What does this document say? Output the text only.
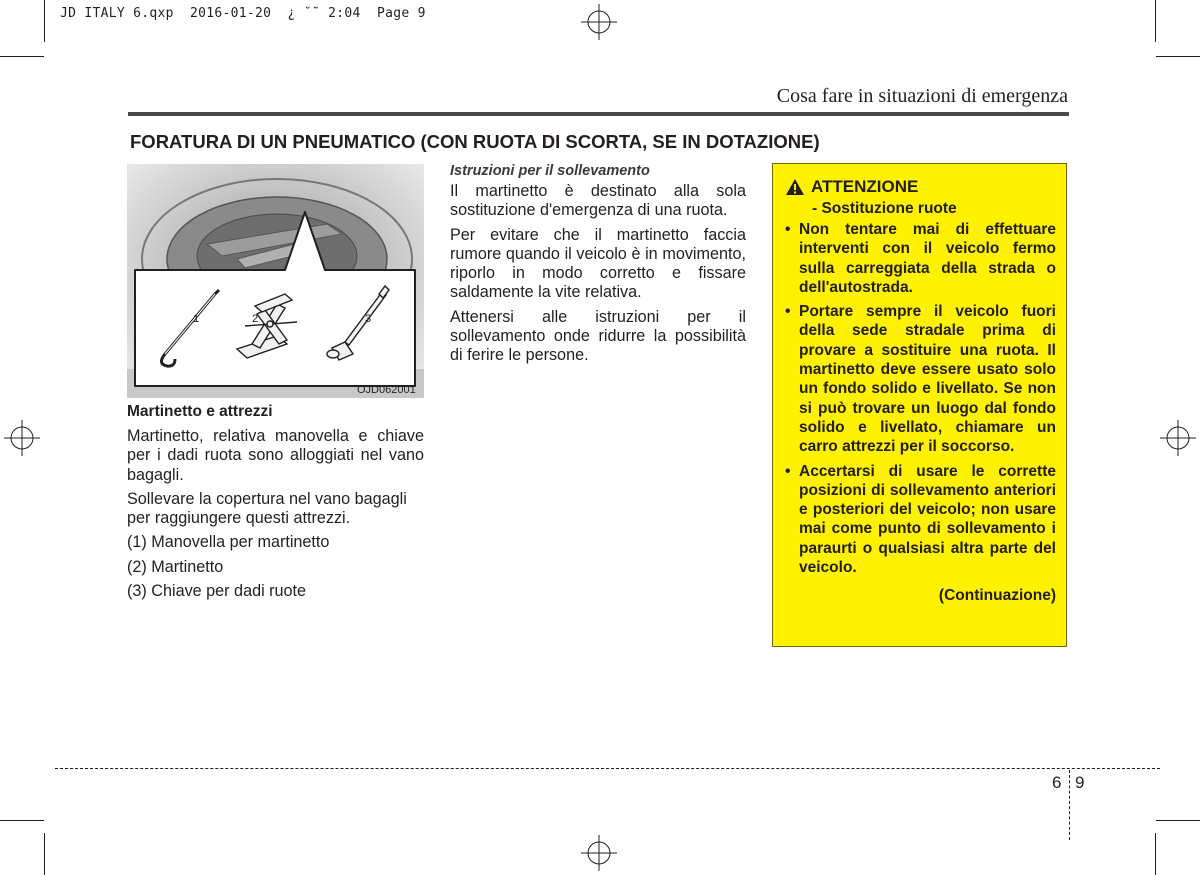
JD ITALY 6.qxp  2016-01-20  ¿ ˘˜ 2:04  Page 9
Cosa fare in situazioni di emergenza
FORATURA DI UN PNEUMATICO (CON RUOTA DI SCORTA, SE IN DOTAZIONE)
1	2	3
OJD062001
Martinetto e attrezzi

Martinetto, relativa manovella e chiave per i dadi ruota sono alloggiati nel vano bagagli.

Sollevare la copertura nel vano bagagli per raggiungere questi attrezzi.

(1) Manovella per martinetto
(2) Martinetto
(3) Chiave per dadi ruote
Istruzioni per il sollevamento

Il martinetto è destinato alla sola sostituzione d'emergenza di una ruota.

Per evitare che il martinetto faccia rumore quando il veicolo è in movimento, riporlo in modo corretto e fissare saldamente la vite relativa.

Attenersi alle istruzioni per il sollevamento onde ridurre la possibilità di ferire le persone.

ATTENZIONE
- Sostituzione ruote
• Non tentare mai di effettuare interventi con il veicolo fermo sulla carreggiata della strada o dell'autostrada.
• Portare sempre il veicolo fuori della sede stradale prima di provare a sostituire una ruota. Il martinetto deve essere usato solo un fondo solido e livellato. Se non si può trovare un luogo dal fondo solido e livellato, chiamare un carro attrezzi per il soccorso.
• Accertarsi di usare le corrette posizioni di sollevamento anteriori e posteriori del veicolo; non usare mai come punto di sollevamento i paraurti o qualsiasi altra parte del veicolo.
(Continuazione)
6 9
